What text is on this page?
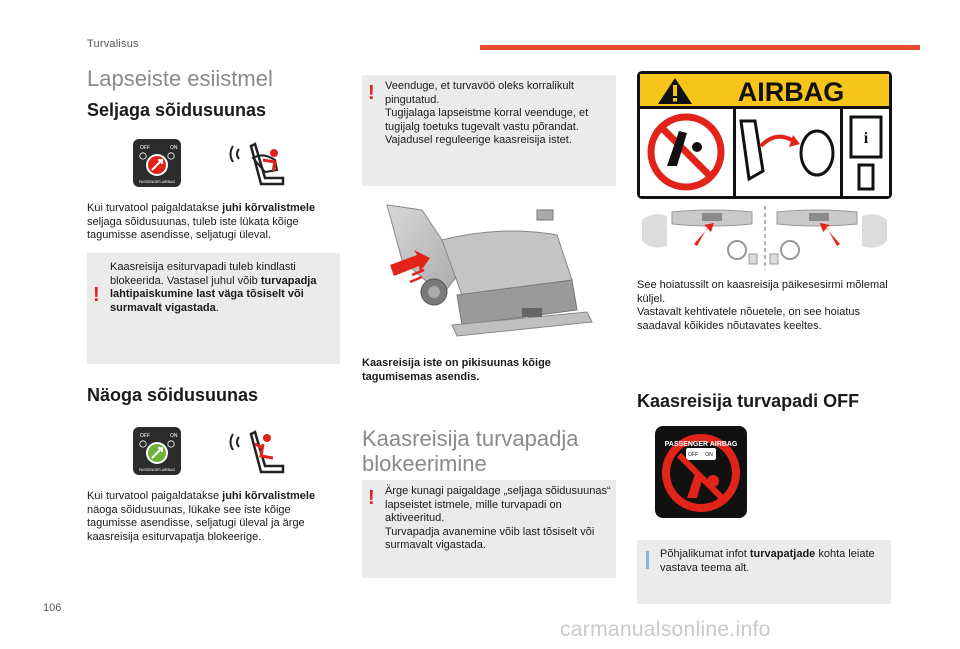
Turvalisus
Lapseiste esiistmel
Seljaga sõidusuunas
OFF	ON
PASSENGER AIRBAG
Kui turvatool paigaldatakse juhi kõrvalistmele seljaga sõidusuunas, tuleb iste lükata kõige tagumisse asendisse, seljatugi üleval.
!
Kaasreisija esiturvapadi tuleb kindlasti blokeerida. Vastasel juhul võib turvapadja lahtipaiskumine last väga tõsiselt või surmavalt vigastada.
Näoga sõidusuunas
OFF	ON
PASSENGER AIRBAG
Kui turvatool paigaldatakse juhi kõrvalistmele näoga sõidusuunas, lükake see iste kõige tagumisse asendisse, seljatugi üleval ja ärge kaasreisija esiturvapatja blokeerige.
! Veenduge, et turvavöö oleks korralikult pingutatud.
Tugijalaga lapseistme korral veenduge, et tugijalg toetuks tugevalt vastu põrandat. Vajadusel reguleerige kaasreisija istet.
Kaasreisija iste on pikisuunas kõige tagumisemas asendis.
Kaasreisija turvapadja blokeerimine
! Ärge kunagi paigaldage „seljaga sõidusuunas“ lapseistet istmele, mille turvapadi on aktiveeritud.
Turvapadja avanemine võib last tõsiselt või surmavalt vigastada.
AIRBAG
i
See hoiatussilt on kaasreisija päikesesirmi mõlemal küljel.
Vastavalt kehtivatele nõuetele, on see hoiatus saadaval kõikides nõutavates keeltes.
Kaasreisija turvapadi OFF
PASSENGER AIRBAG
OFF ON
Põhjalikumat infot turvapatjade kohta leiate vastava teema alt.
106
carmanualsonline.info
